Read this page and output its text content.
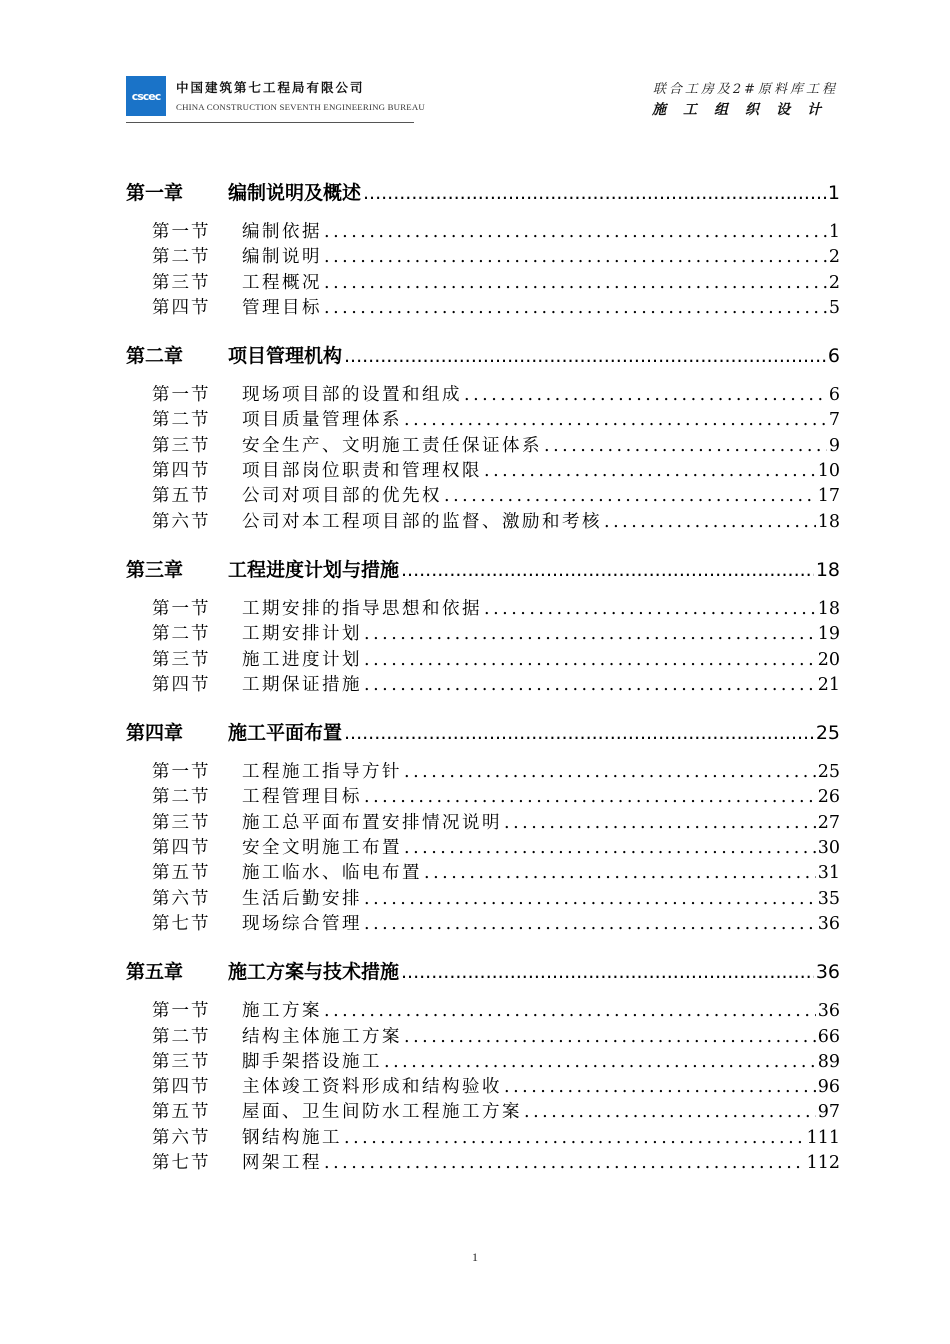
cscec
中国建筑第七工程局有限公司
CHINA CONSTRUCTION SEVENTH ENGINEERING BUREAU
联合工房及2#原料库工程
施工组织设计
第一章	编制说明及概述 .....	1
第一节	编制依据 .....	1
第二节	编制说明 .....	2
第三节	工程概况 .....	2
第四节	管理目标 .....	5
第二章	项目管理机构 .....	6
第一节	现场项目部的设置和组成 .....	6
第二节	项目质量管理体系 .....	7
第三节	安全生产、文明施工责任保证体系 .....	9
第四节	项目部岗位职责和管理权限 .....	10
第五节	公司对项目部的优先权 .....	17
第六节	公司对本工程项目部的监督、激励和考核 .....	18
第三章	工程进度计划与措施 .....	18
第一节	工期安排的指导思想和依据 .....	18
第二节	工期安排计划 .....	19
第三节	施工进度计划 .....	20
第四节	工期保证措施 .....	21
第四章	施工平面布置 .....	25
第一节	工程施工指导方针 .....	25
第二节	工程管理目标 .....	26
第三节	施工总平面布置安排情况说明 .....	27
第四节	安全文明施工布置 .....	30
第五节	施工临水、临电布置 .....	31
第六节	生活后勤安排 .....	35
第七节	现场综合管理 .....	36
第五章	施工方案与技术措施 .....	36
第一节	施工方案 .....	36
第二节	结构主体施工方案 .....	66
第三节	脚手架搭设施工 .....	89
第四节	主体竣工资料形成和结构验收 .....	96
第五节	屋面、卫生间防水工程施工方案 .....	97
第六节	钢结构施工 .....	111
第七节	网架工程 .....	112
1
